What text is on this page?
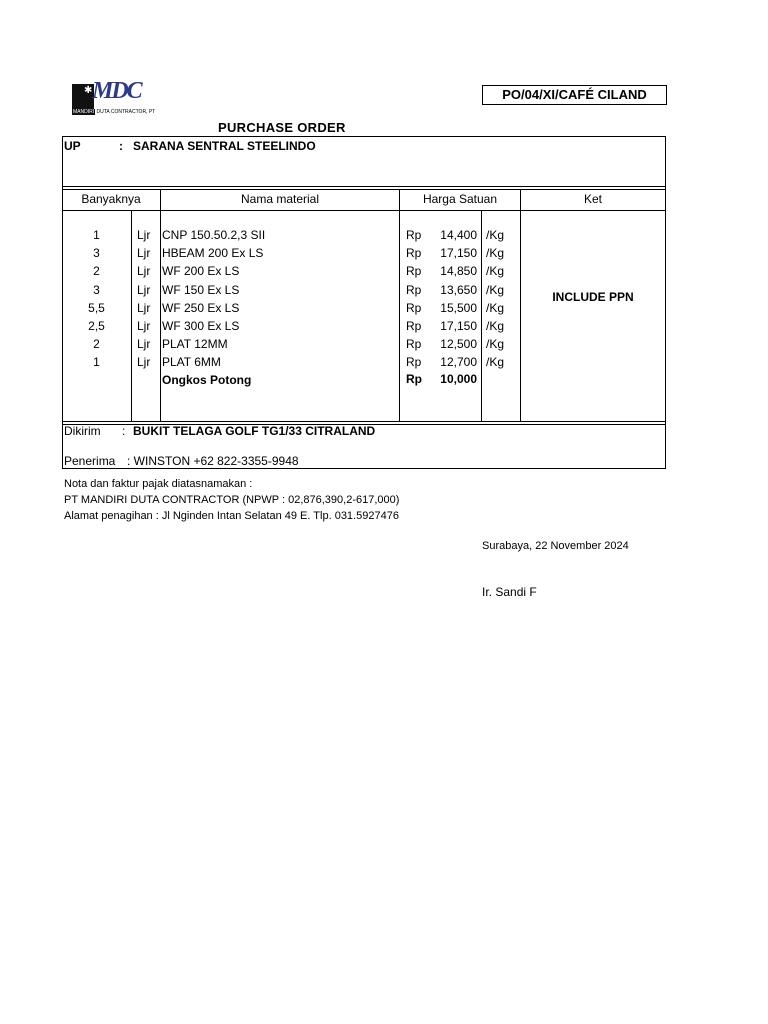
✱ MDC
MANDIRI DUTA CONTRACTOR, PT
PO/04/XI/CAFÉ CILAND
PURCHASE ORDER
UP	: SARANA SENTRAL STEELINDO
Banyaknya	Nama material	Harga Satuan	Ket
1	Ljr CNP 150.50.2,3 SII	Rp	14,400 /Kg
3	Ljr HBEAM 200 Ex LS	Rp	17,150 /Kg
2	Ljr WF 200 Ex LS	Rp	14,850 /Kg
3	Ljr WF 150 Ex LS	Rp	13,650 /Kg
5,5	Ljr WF 250 Ex LS	Rp	15,500 /Kg
2,5	Ljr WF 300 Ex LS	Rp	17,150 /Kg
2	Ljr PLAT 12MM	Rp	12,500 /Kg
1	Ljr PLAT 6MM	Rp	12,700 /Kg
Ongkos Potong	Rp	10,000
INCLUDE PPN
Dikirim : BUKIT TELAGA GOLF TG1/33 CITRALAND
Penerima : WINSTON +62 822-3355-9948
Nota dan faktur pajak diatasnamakan :
PT MANDIRI DUTA CONTRACTOR (NPWP : 02,876,390,2-617,000)
Alamat penagihan : Jl Nginden Intan Selatan 49 E. Tlp. 031.5927476
Surabaya, 22 November 2024
Ir. Sandi F
